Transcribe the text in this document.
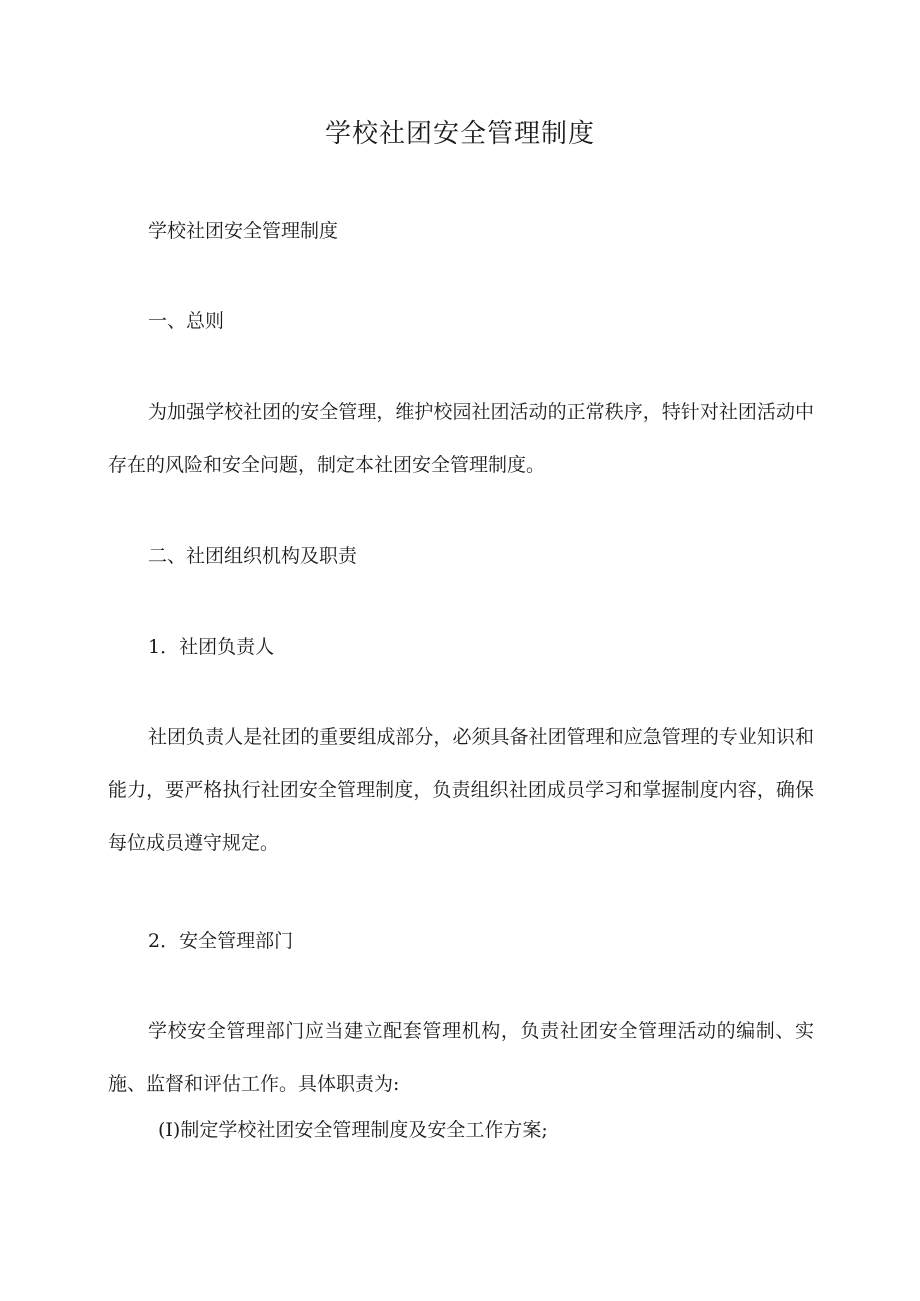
学校社团安全管理制度

学校社团安全管理制度

一、总则

为加强学校社团的安全管理，维护校园社团活动的正常秩序，特针对社团活动中存在的风险和安全问题，制定本社团安全管理制度。

二、社团组织机构及职责

1．社团负责人

社团负责人是社团的重要组成部分，必须具备社团管理和应急管理的专业知识和能力，要严格执行社团安全管理制度，负责组织社团成员学习和掌握制度内容，确保每位成员遵守规定。

2．安全管理部门

学校安全管理部门应当建立配套管理机构，负责社团安全管理活动的编制、实施、监督和评估工作。具体职责为:

(I)制定学校社团安全管理制度及安全工作方案;
